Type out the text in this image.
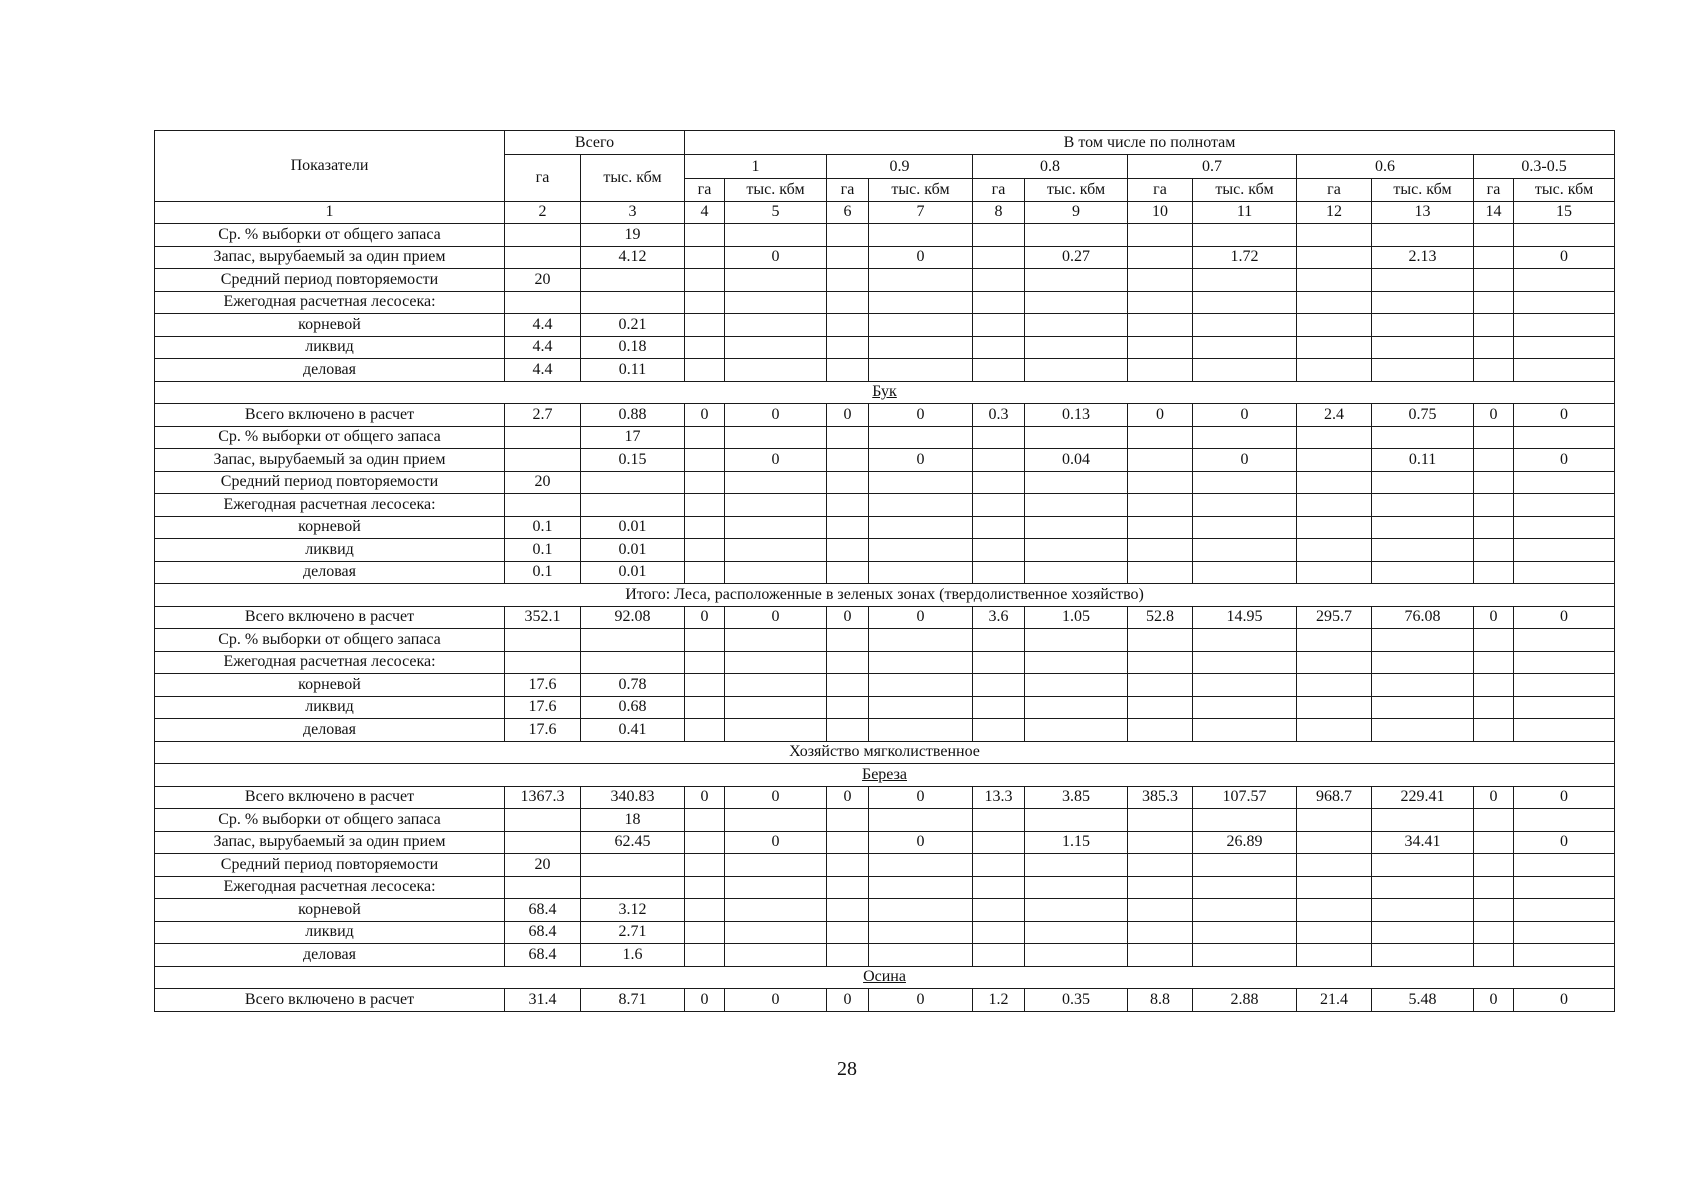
Показатели	Всего		В том числе по полнотам											
	га	тыс. кбм	1		0.9		0.8		0.7		0.6		0.3-0.5	
			га	тыс. кбм	га	тыс. кбм	га	тыс. кбм	га	тыс. кбм	га	тыс. кбм	га	тыс. кбм
1	2	3	4	5	6	7	8	9	10	11	12	13	14	15
Ср. % выборки от общего запаса		19												
Запас, вырубаемый за один прием		4.12		0		0		0.27		1.72		2.13		0
Средний период повторяемости	20													
Ежегодная расчетная лесосека:														
корневой	4.4	0.21												
ликвид	4.4	0.18												
деловая	4.4	0.11												
Бук														
Всего включено в расчет	2.7	0.88	0	0	0	0	0.3	0.13	0	0	2.4	0.75	0	0
Ср. % выборки от общего запаса		17												
Запас, вырубаемый за один прием		0.15		0		0		0.04		0		0.11		0
Средний период повторяемости	20													
Ежегодная расчетная лесосека:														
корневой	0.1	0.01												
ликвид	0.1	0.01												
деловая	0.1	0.01												
Итого: Леса, расположенные в зеленых зонах (твердолиственное хозяйство)														
Всего включено в расчет	352.1	92.08	0	0	0	0	3.6	1.05	52.8	14.95	295.7	76.08	0	0
Ср. % выборки от общего запаса														
Ежегодная расчетная лесосека:														
корневой	17.6	0.78												
ликвид	17.6	0.68												
деловая	17.6	0.41												
Хозяйство мягколиственное														
Береза														
Всего включено в расчет	1367.3	340.83	0	0	0	0	13.3	3.85	385.3	107.57	968.7	229.41	0	0
Ср. % выборки от общего запаса		18												
Запас, вырубаемый за один прием		62.45		0		0		1.15		26.89		34.41		0
Средний период повторяемости	20													
Ежегодная расчетная лесосека:														
корневой	68.4	3.12												
ликвид	68.4	2.71												
деловая	68.4	1.6												
Осина														
Всего включено в расчет	31.4	8.71	0	0	0	0	1.2	0.35	8.8	2.88	21.4	5.48	0	0
28
